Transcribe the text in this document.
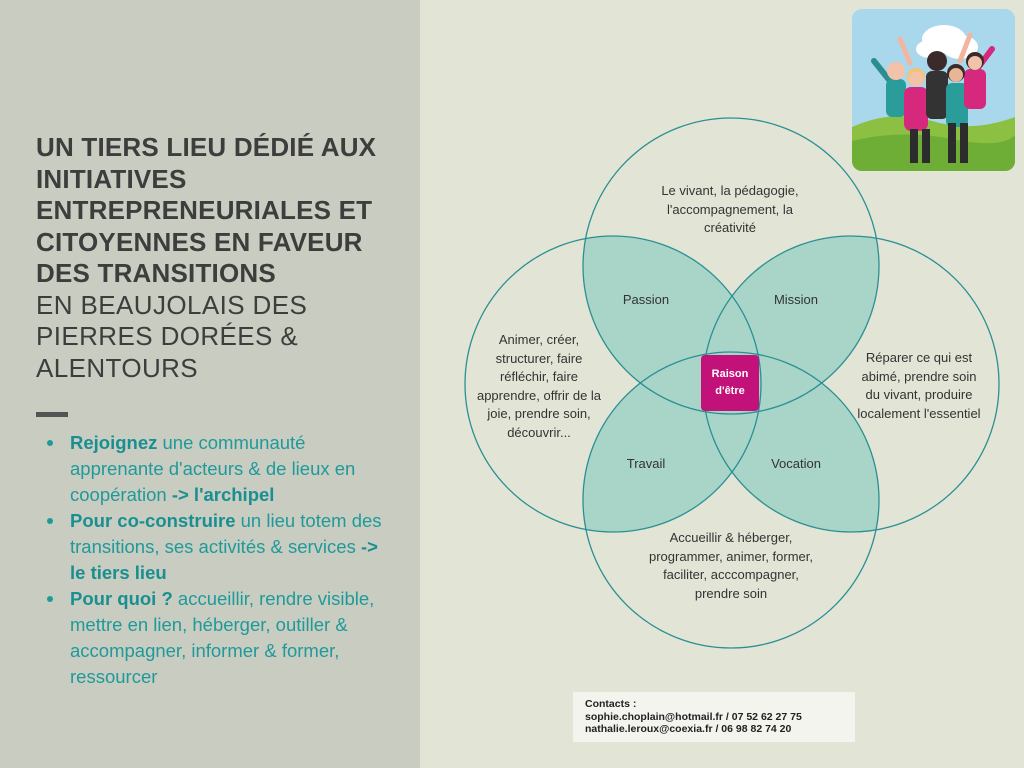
UN TIERS LIEU DÉDIÉ AUX
INITIATIVES
ENTREPRENEURIALES ET
CITOYENNES EN FAVEUR
DES TRANSITIONS
EN BEAUJOLAIS DES
PIERRES DORÉES &
ALENTOURS
Rejoignez une communauté apprenante d'acteurs & de lieux en coopération -> l'archipel
Pour co-construire un lieu totem des transitions, ses activités & services -> le tiers lieu
Pour quoi ? accueillir, rendre visible, mettre en lien, héberger, outiller & accompagner, informer & former, ressourcer
Le vivant, la pédagogie, l'accompagnement, la créativité
Animer, créer, structurer, faire réfléchir, faire apprendre, offrir de la joie, prendre soin, découvrir...
Réparer ce qui est abimé, prendre soin du vivant, produire localement l'essentiel
Accueillir & héberger, programmer, animer, former, faciliter, acccompagner, prendre soin
Passion	Mission
Travail	Vocation
Raison
d'être
Contacts :
sophie.choplain@hotmail.fr / 07 52 62 27 75
nathalie.leroux@coexia.fr / 06 98 82 74 20
